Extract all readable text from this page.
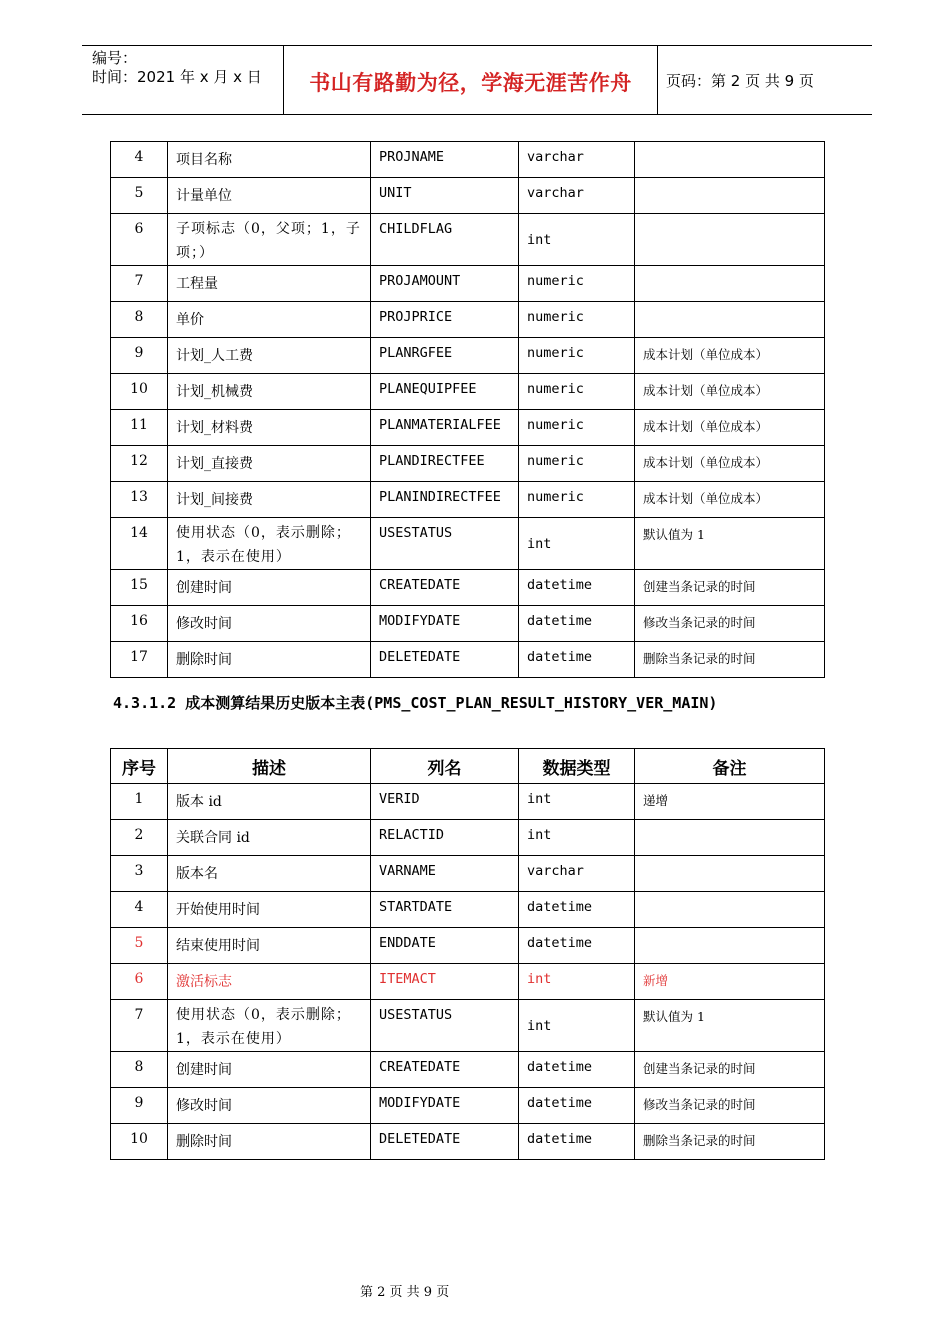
编号：
时间：2021 年 x 月 x 日	书山有路勤为径，学海无涯苦作舟	页码：第 2 页 共 9 页
4	项目名称	PROJNAME	varchar	
5	计量单位	UNIT	varchar	
6	子项标志（0，父项；1，子项；）	CHILDFLAG	int	
7	工程量	PROJAMOUNT	numeric	
8	单价	PROJPRICE	numeric	
9	计划_人工费	PLANRGFEE	numeric	成本计划（单位成本）
10	计划_机械费	PLANEQUIPFEE	numeric	成本计划（单位成本）
11	计划_材料费	PLANMATERIALFEE	numeric	成本计划（单位成本）
12	计划_直接费	PLANDIRECTFEE	numeric	成本计划（单位成本）
13	计划_间接费	PLANINDIRECTFEE	numeric	成本计划（单位成本）
14	使用状态（0，表示删除；1，表示在使用）	USESTATUS	int	默认值为 1
15	创建时间	CREATEDATE	datetime	创建当条记录的时间
16	修改时间	MODIFYDATE	datetime	修改当条记录的时间
17	删除时间	DELETEDATE	datetime	删除当条记录的时间
4.3.1.2 成本测算结果历史版本主表(PMS_COST_PLAN_RESULT_HISTORY_VER_MAIN)
序号	描述	列名	数据类型	备注
1	版本 id	VERID	int	递增
2	关联合同 id	RELACTID	int	
3	版本名	VARNAME	varchar	
4	开始使用时间	STARTDATE	datetime	
5	结束使用时间	ENDDATE	datetime	
6	激活标志	ITEMACT	int	新增
7	使用状态（0，表示删除；1，表示在使用）	USESTATUS	int	默认值为 1
8	创建时间	CREATEDATE	datetime	创建当条记录的时间
9	修改时间	MODIFYDATE	datetime	修改当条记录的时间
10	删除时间	DELETEDATE	datetime	删除当条记录的时间
第 2 页 共 9 页
